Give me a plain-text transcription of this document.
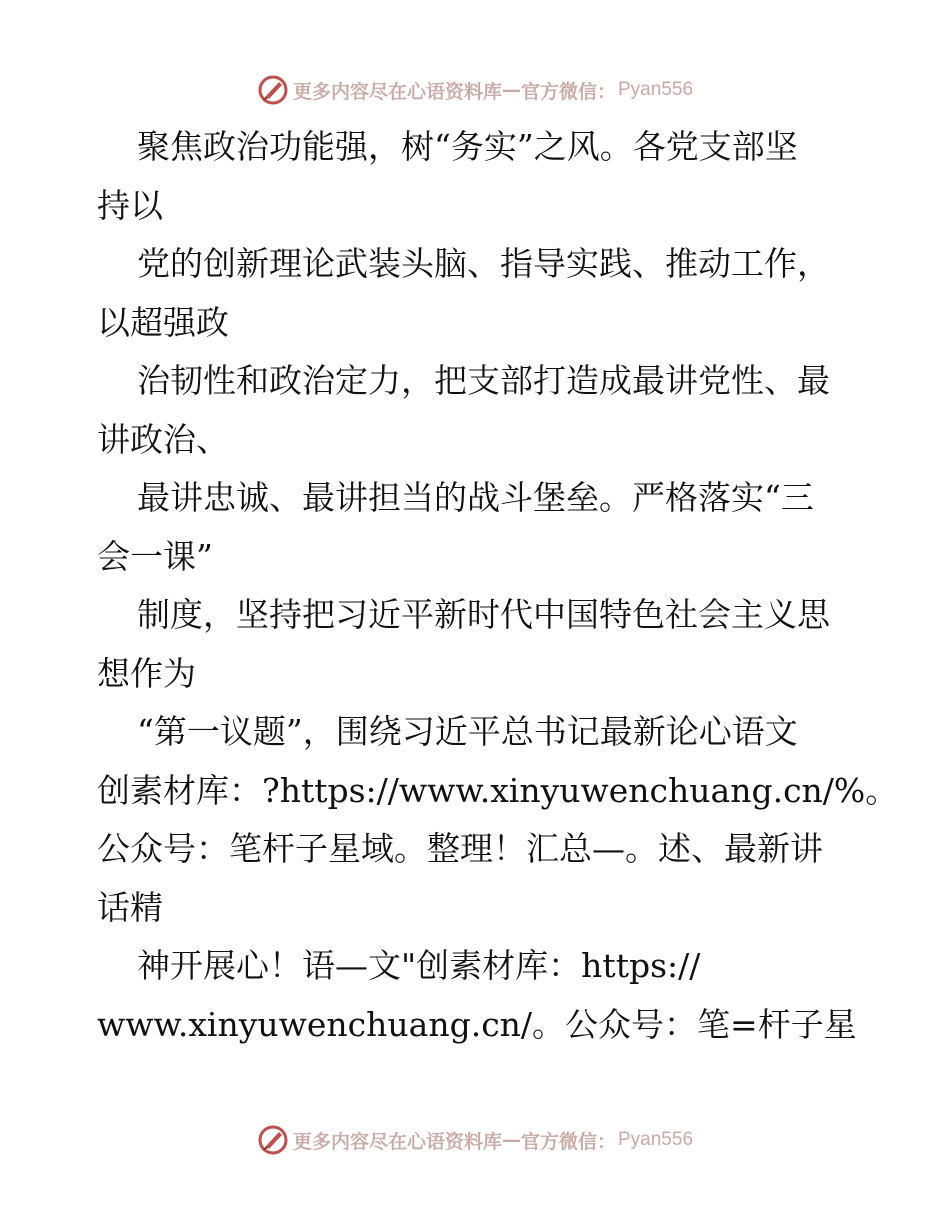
更多内容尽在心语资料库 — 官方微信： Pyan556
聚焦政治功能强，树“务实”之风。各党支部坚
持以
党的创新理论武装头脑、指导实践、推动工作，
以超强政
治韧性和政治定力，把支部打造成最讲党性、最
讲政治、
最讲忠诚、最讲担当的战斗堡垒。严格落实“三
会一课”
制度，坚持把习近平新时代中国特色社会主义思
想作为
“第一议题”，围绕习近平总书记最新论心语文
创素材库：?https://www.xinyuwenchuang.cn/%。
公众号：笔杆子星域。整理！汇总—。述、最新讲
话精
神开展心！语—文"创素材库：https://
www.xinyuwenchuang.cn/。公众号：笔=杆子星
更多内容尽在心语资料库 — 官方微信： Pyan556
